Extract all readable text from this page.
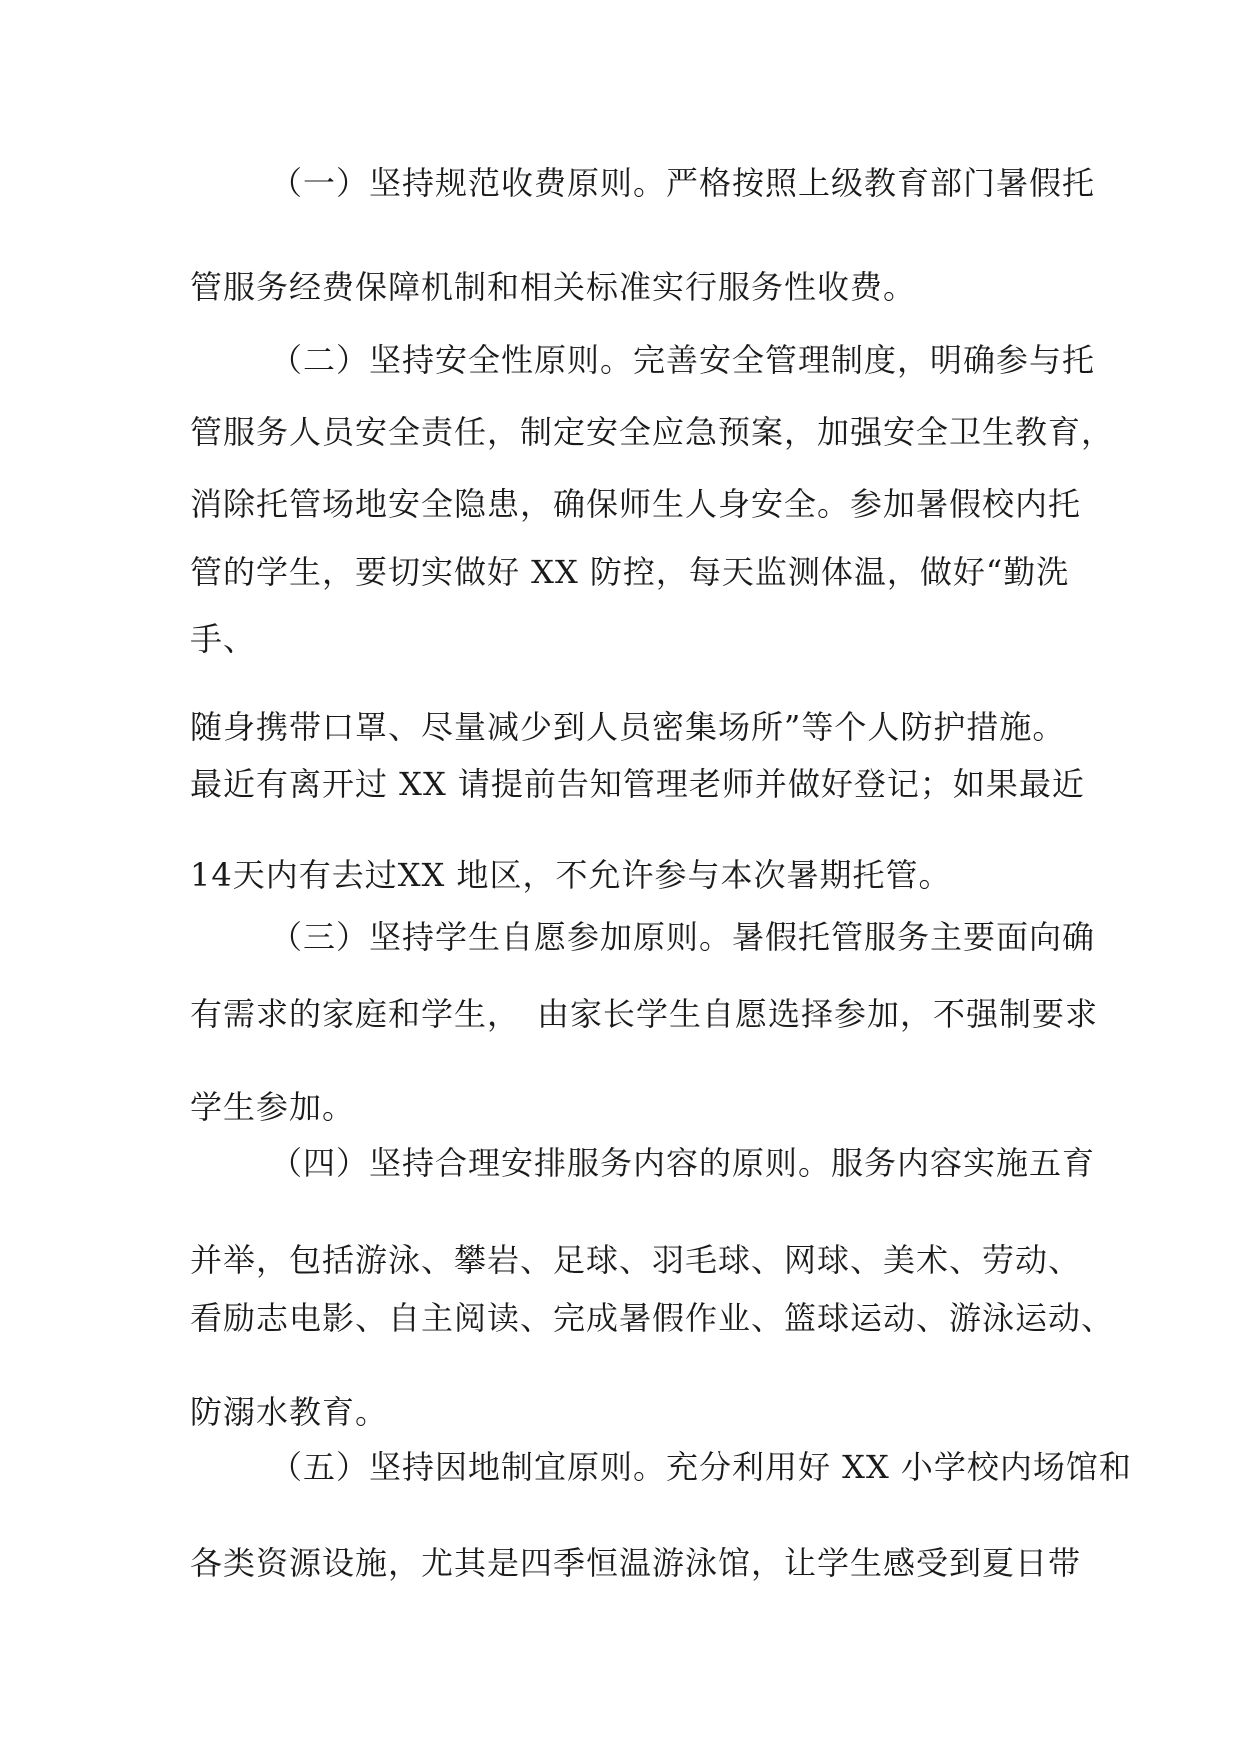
（一）坚持规范收费原则。严格按照上级教育部门暑假托
管服务经费保障机制和相关标准实行服务性收费。
（二）坚持安全性原则。完善安全管理制度，明确参与托
管服务人员安全责任，制定安全应急预案，加强安全卫生教育，
消除托管场地安全隐患，确保师生人身安全。参加暑假校内托
管的学生，要切实做好 XX 防控，每天监测体温，做好“勤洗
手、
随身携带口罩、尽量减少到人员密集场所”等个人防护措施。
最近有离开过 XX 请提前告知管理老师并做好登记；如果最近
14天内有去过XX 地区，不允许参与本次暑期托管。
（三）坚持学生自愿参加原则。暑假托管服务主要面向确
有需求的家庭和学生，　由家长学生自愿选择参加，不强制要求
学生参加。
（四）坚持合理安排服务内容的原则。服务内容实施五育
并举，包括游泳、攀岩、足球、羽毛球、网球、美术、劳动、
看励志电影、自主阅读、完成暑假作业、篮球运动、游泳运动、
防溺水教育。
（五）坚持因地制宜原则。充分利用好 XX 小学校内场馆和
各类资源设施，尤其是四季恒温游泳馆，让学生感受到夏日带
